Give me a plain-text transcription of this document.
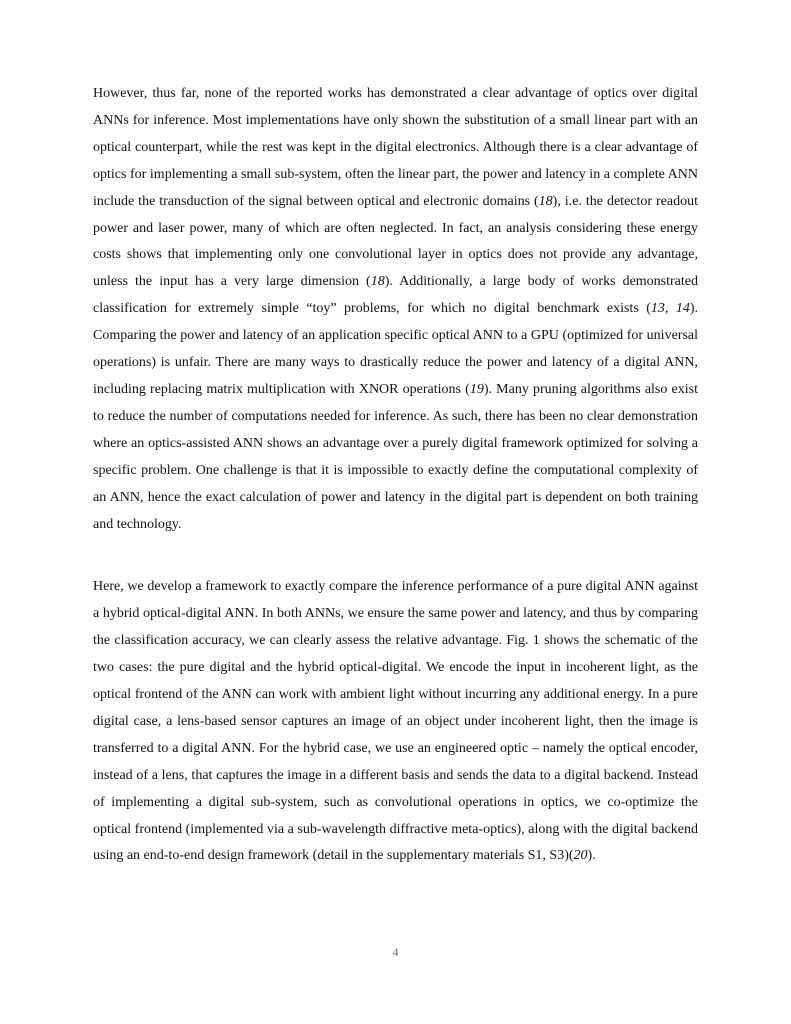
However, thus far, none of the reported works has demonstrated a clear advantage of optics over digital ANNs for inference. Most implementations have only shown the substitution of a small linear part with an optical counterpart, while the rest was kept in the digital electronics. Although there is a clear advantage of optics for implementing a small sub-system, often the linear part, the power and latency in a complete ANN include the transduction of the signal between optical and electronic domains (18), i.e. the detector readout power and laser power, many of which are often neglected. In fact, an analysis considering these energy costs shows that implementing only one convolutional layer in optics does not provide any advantage, unless the input has a very large dimension (18). Additionally, a large body of works demonstrated classification for extremely simple “toy” problems, for which no digital benchmark exists (13, 14). Comparing the power and latency of an application specific optical ANN to a GPU (optimized for universal operations) is unfair. There are many ways to drastically reduce the power and latency of a digital ANN, including replacing matrix multiplication with XNOR operations (19). Many pruning algorithms also exist to reduce the number of computations needed for inference. As such, there has been no clear demonstration where an optics-assisted ANN shows an advantage over a purely digital framework optimized for solving a specific problem. One challenge is that it is impossible to exactly define the computational complexity of an ANN, hence the exact calculation of power and latency in the digital part is dependent on both training and technology.

Here, we develop a framework to exactly compare the inference performance of a pure digital ANN against a hybrid optical-digital ANN. In both ANNs, we ensure the same power and latency, and thus by comparing the classification accuracy, we can clearly assess the relative advantage. Fig. 1 shows the schematic of the two cases: the pure digital and the hybrid optical-digital. We encode the input in incoherent light, as the optical frontend of the ANN can work with ambient light without incurring any additional energy. In a pure digital case, a lens-based sensor captures an image of an object under incoherent light, then the image is transferred to a digital ANN. For the hybrid case, we use an engineered optic – namely the optical encoder, instead of a lens, that captures the image in a different basis and sends the data to a digital backend. Instead of implementing a digital sub-system, such as convolutional operations in optics, we co-optimize the optical frontend (implemented via a sub-wavelength diffractive meta-optics), along with the digital backend using an end-to-end design framework (detail in the supplementary materials S1, S3)(20).

4
